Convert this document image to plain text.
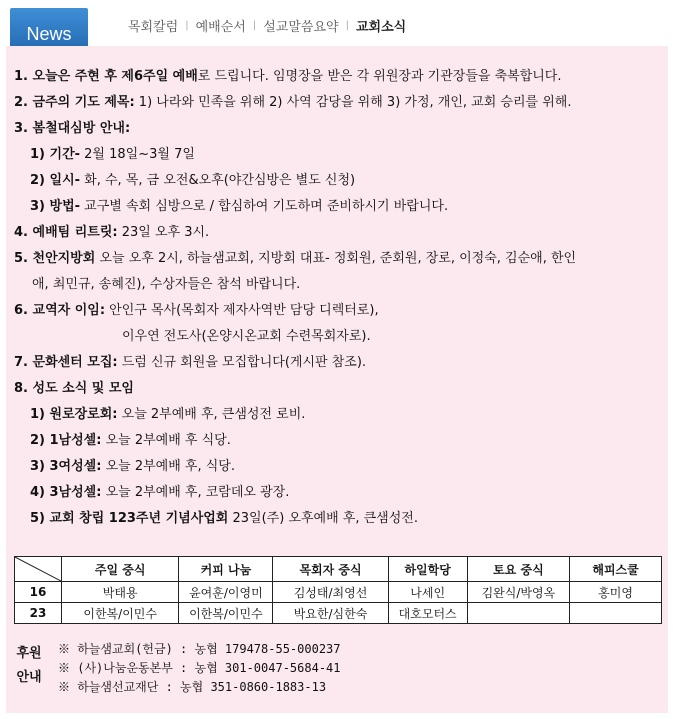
News	목회칼럼 | 예배순서 | 설교말씀요약 | 교회소식
1. 오늘은 주현 후 제6주일 예배로 드립니다. 임명장을 받은 각 위원장과 기관장들을 축복합니다.
2. 금주의 기도 제목: 1) 나라와 민족을 위해 2) 사역 감당을 위해 3) 가정, 개인, 교회 승리를 위해.
3. 봄철대심방 안내:
1) 기간- 2월 18일~3월 7일
2) 일시- 화, 수, 목, 금 오전&오후(야간심방은 별도 신청)
3) 방법- 교구별 속회 심방으로 / 합심하여 기도하며 준비하시기 바랍니다.
4. 예배팀 리트릿: 23일 오후 3시.
5. 천안지방회 오늘 오후 2시, 하늘샘교회, 지방회 대표- 정회원, 준회원, 장로, 이정숙, 김순애, 한인
애, 최민규, 송혜진), 수상자들은 참석 바랍니다.
6. 교역자 이임: 안인구 목사(목회자 제자사역반 담당 디렉터로),
이우연 전도사(온양시온교회 수련목회자로).
7. 문화센터 모집: 드럼 신규 회원을 모집합니다(게시판 참조).
8. 성도 소식 및 모임
1) 원로장로회: 오늘 2부예배 후, 큰샘성전 로비.
2) 1남성셀: 오늘 2부예배 후 식당.
3) 3여성셀: 오늘 2부예배 후, 식당.
4) 3남성셀: 오늘 2부예배 후, 코람데오 광장.
5) 교회 창립 123주년 기념사업회 23일(주) 오후예배 후, 큰샘성전.
	주일 중식	커피 나눔	목회자 중식	하일학당	토요 중식	해피스쿨
16	박태용	윤여훈/이영미	김성태/최영선	나세인	김완식/박영옥	홍미영
23	이한복/이민수	이한복/이민수	박요한/심한숙	대호모터스		
후원
안내
※ 하늘샘교회(헌금) : 농협 179478-55-000237
※ (사)나눔운동본부 : 농협 301-0047-5684-41
※ 하늘샘선교재단 : 농협 351-0860-1883-13
